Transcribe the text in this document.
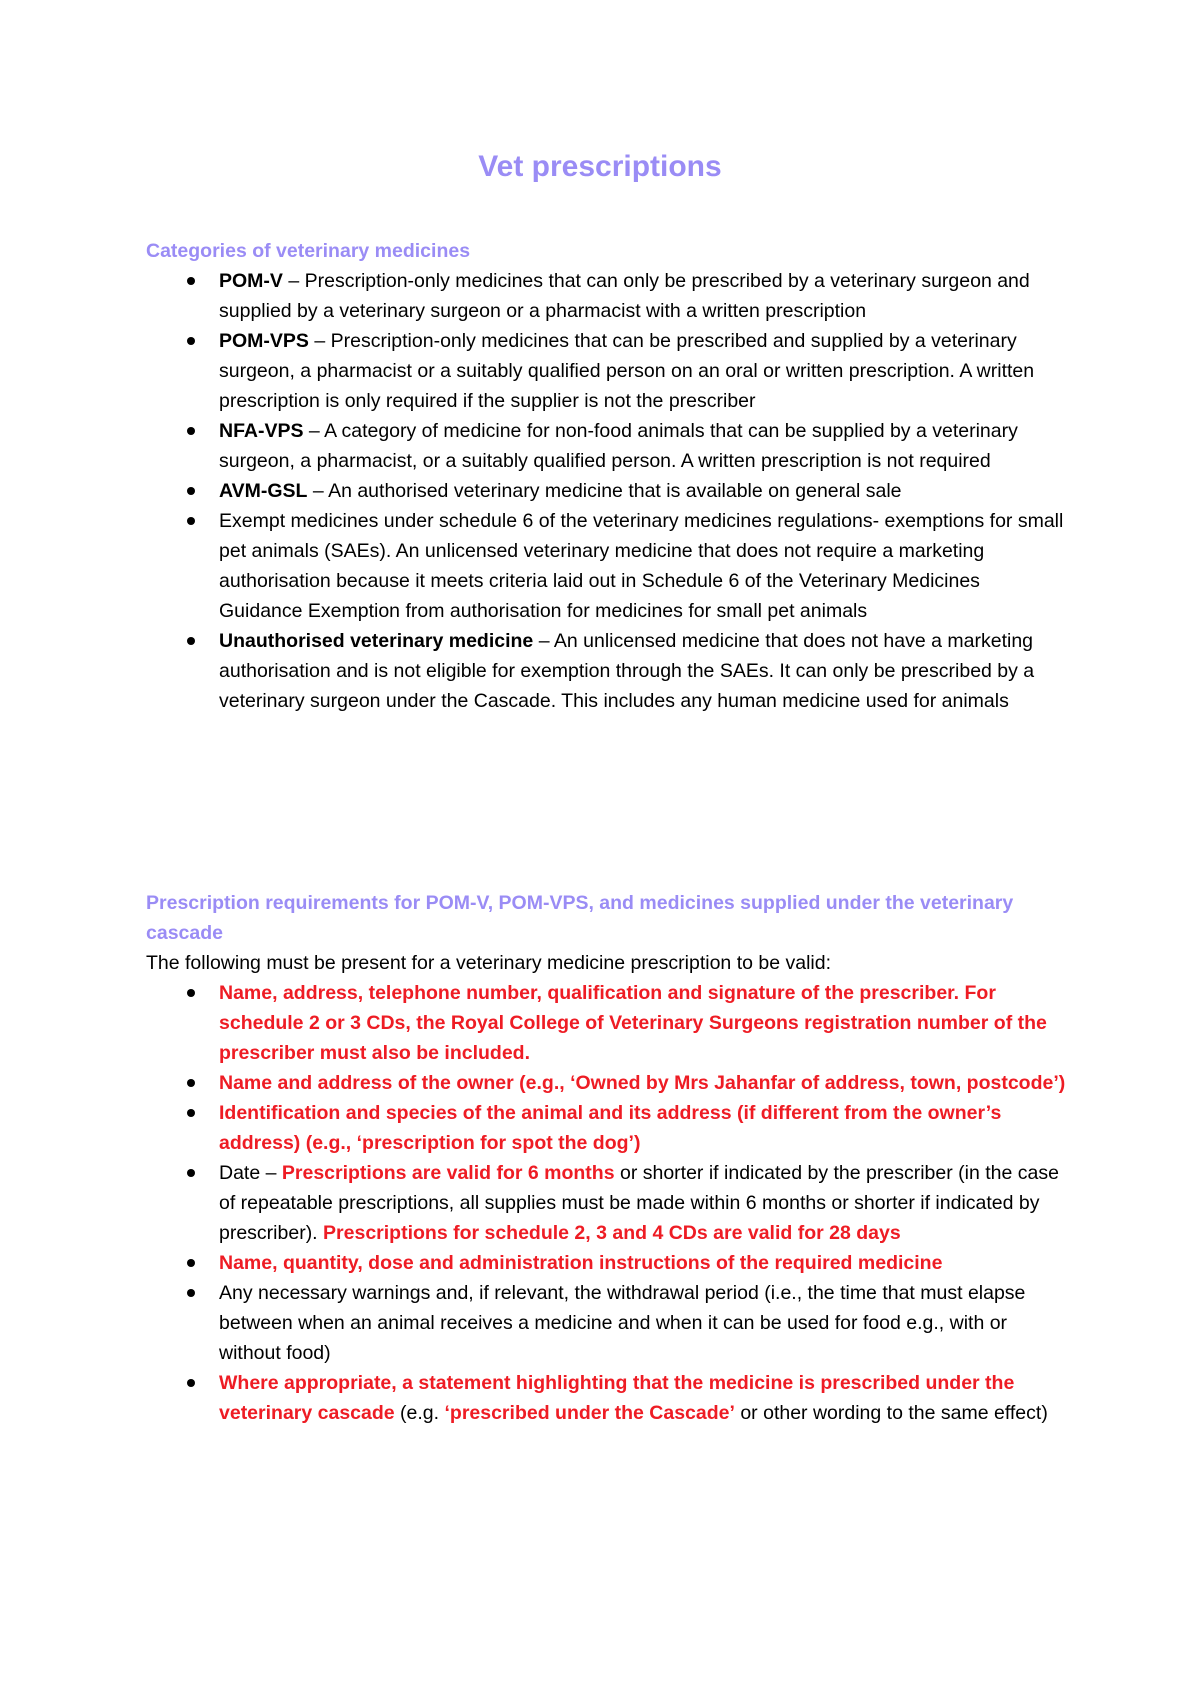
Vet prescriptions

Categories of veterinary medicines

POM-V – Prescription-only medicines that can only be prescribed by a veterinary surgeon and supplied by a veterinary surgeon or a pharmacist with a written prescription
POM-VPS – Prescription-only medicines that can be prescribed and supplied by a veterinary surgeon, a pharmacist or a suitably qualified person on an oral or written prescription. A written prescription is only required if the supplier is not the prescriber
NFA-VPS – A category of medicine for non-food animals that can be supplied by a veterinary surgeon, a pharmacist, or a suitably qualified person. A written prescription is not required
AVM-GSL – An authorised veterinary medicine that is available on general sale
Exempt medicines under schedule 6 of the veterinary medicines regulations- exemptions for small pet animals (SAEs). An unlicensed veterinary medicine that does not require a marketing authorisation because it meets criteria laid out in Schedule 6 of the Veterinary Medicines Guidance Exemption from authorisation for medicines for small pet animals
Unauthorised veterinary medicine – An unlicensed medicine that does not have a marketing authorisation and is not eligible for exemption through the SAEs. It can only be prescribed by a veterinary surgeon under the Cascade. This includes any human medicine used for animals

Prescription requirements for POM-V, POM-VPS, and medicines supplied under the veterinary cascade

The following must be present for a veterinary medicine prescription to be valid:

Name, address, telephone number, qualification and signature of the prescriber. For schedule 2 or 3 CDs, the Royal College of Veterinary Surgeons registration number of the prescriber must also be included.
Name and address of the owner (e.g., ‘Owned by Mrs Jahanfar of address, town, postcode’)
Identification and species of the animal and its address (if different from the owner’s address) (e.g., ‘prescription for spot the dog’)
Date – Prescriptions are valid for 6 months or shorter if indicated by the prescriber (in the case of repeatable prescriptions, all supplies must be made within 6 months or shorter if indicated by prescriber). Prescriptions for schedule 2, 3 and 4 CDs are valid for 28 days
Name, quantity, dose and administration instructions of the required medicine
Any necessary warnings and, if relevant, the withdrawal period (i.e., the time that must elapse between when an animal receives a medicine and when it can be used for food e.g., with or without food)
Where appropriate, a statement highlighting that the medicine is prescribed under the veterinary cascade (e.g. ‘prescribed under the Cascade’ or other wording to the same effect)
